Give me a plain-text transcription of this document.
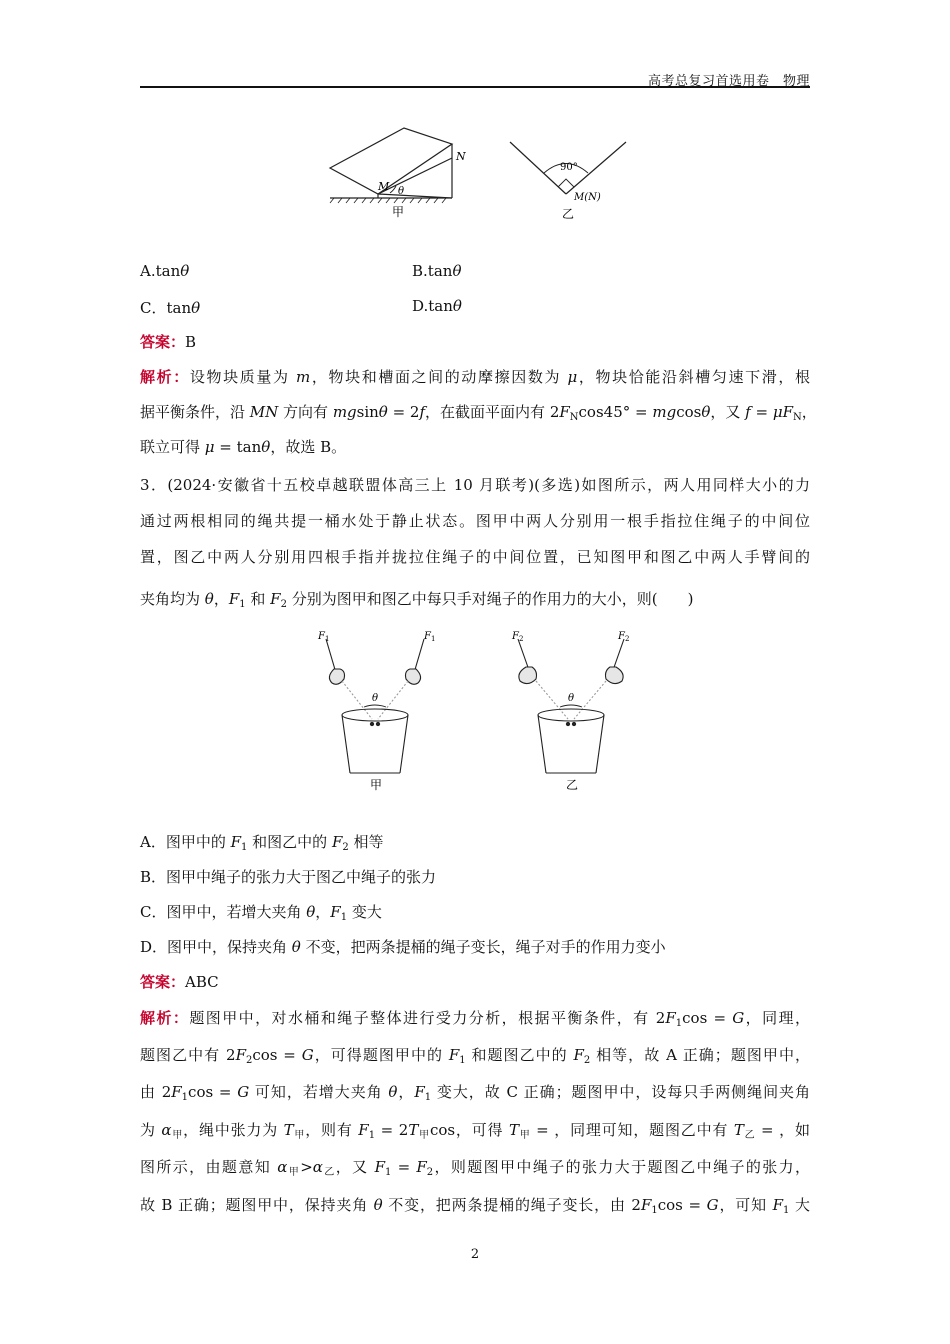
高考总复习首选用卷　物理
M
N
θ
甲
90°
M(N)
乙
A.tanθ	B.tanθ
C．tanθ	D.tanθ
答案：B
解析：设物块质量为 m，物块和槽面之间的动摩擦因数为 μ，物块恰能沿斜槽匀速下滑，根
据平衡条件，沿 MN 方向有 mgsinθ = 2f，在截面平面内有 $2F_N\cos 45^\circ = mgcos\theta$，又 $f = \mu F_N$，
联立可得 μ = tanθ，故选 B。
3．(2024·安徽省十五校卓越联盟体高三上 10 月联考)(多选)如图所示，两人用同样大小的力
通过两根相同的绳共提一桶水处于静止状态。图甲中两人分别用一根手指拉住绳子的中间位
置，图乙中两人分别用四根手指并拢拉住绳子的中间位置，已知图甲和图乙中两人手臂间的
夹角均为 θ，$F_1$ 和 $F_2$ 分别为图甲和图乙中每只手对绳子的作用力的大小，则(　　)
$F_1$	$F_1$
θ
甲
$F_2$	$F_2$
θ
乙
A．图甲中的 $F_1$ 和图乙中的 $F_2$ 相等
B．图甲中绳子的张力大于图乙中绳子的张力
C．图甲中，若增大夹角 θ，$F_1$ 变大
D．图甲中，保持夹角 θ 不变，把两条提桶的绳子变长，绳子对手的作用力变小
答案：ABC
解析：题图甲中，对水桶和绳子整体进行受力分析，根据平衡条件，有 $2F_1\cos = G$，同理，
题图乙中有 $2F_2\cos = G$，可得题图甲中的 $F_1$ 和题图乙中的 $F_2$ 相等，故 A 正确；题图甲中，
由 $2F_1\cos = G$ 可知，若增大夹角 θ，$F_1$ 变大，故 C 正确；题图甲中，设每只手两侧绳间夹角
为 $\alpha_甲$，绳中张力为 $T_甲$，则有 $F_1 = 2T_甲\cos$，可得 $T_甲$ = ，同理可知，题图乙中有 $T_乙$ = ，如
图所示，由题意知 $\alpha_甲>\alpha_乙$，又 $F_1 = F_2$，则题图甲中绳子的张力大于题图乙中绳子的张力，
故 B 正确；题图甲中，保持夹角 θ 不变，把两条提桶的绳子变长，由 $2F_1\cos = G$，可知 $F_1$ 大
2
